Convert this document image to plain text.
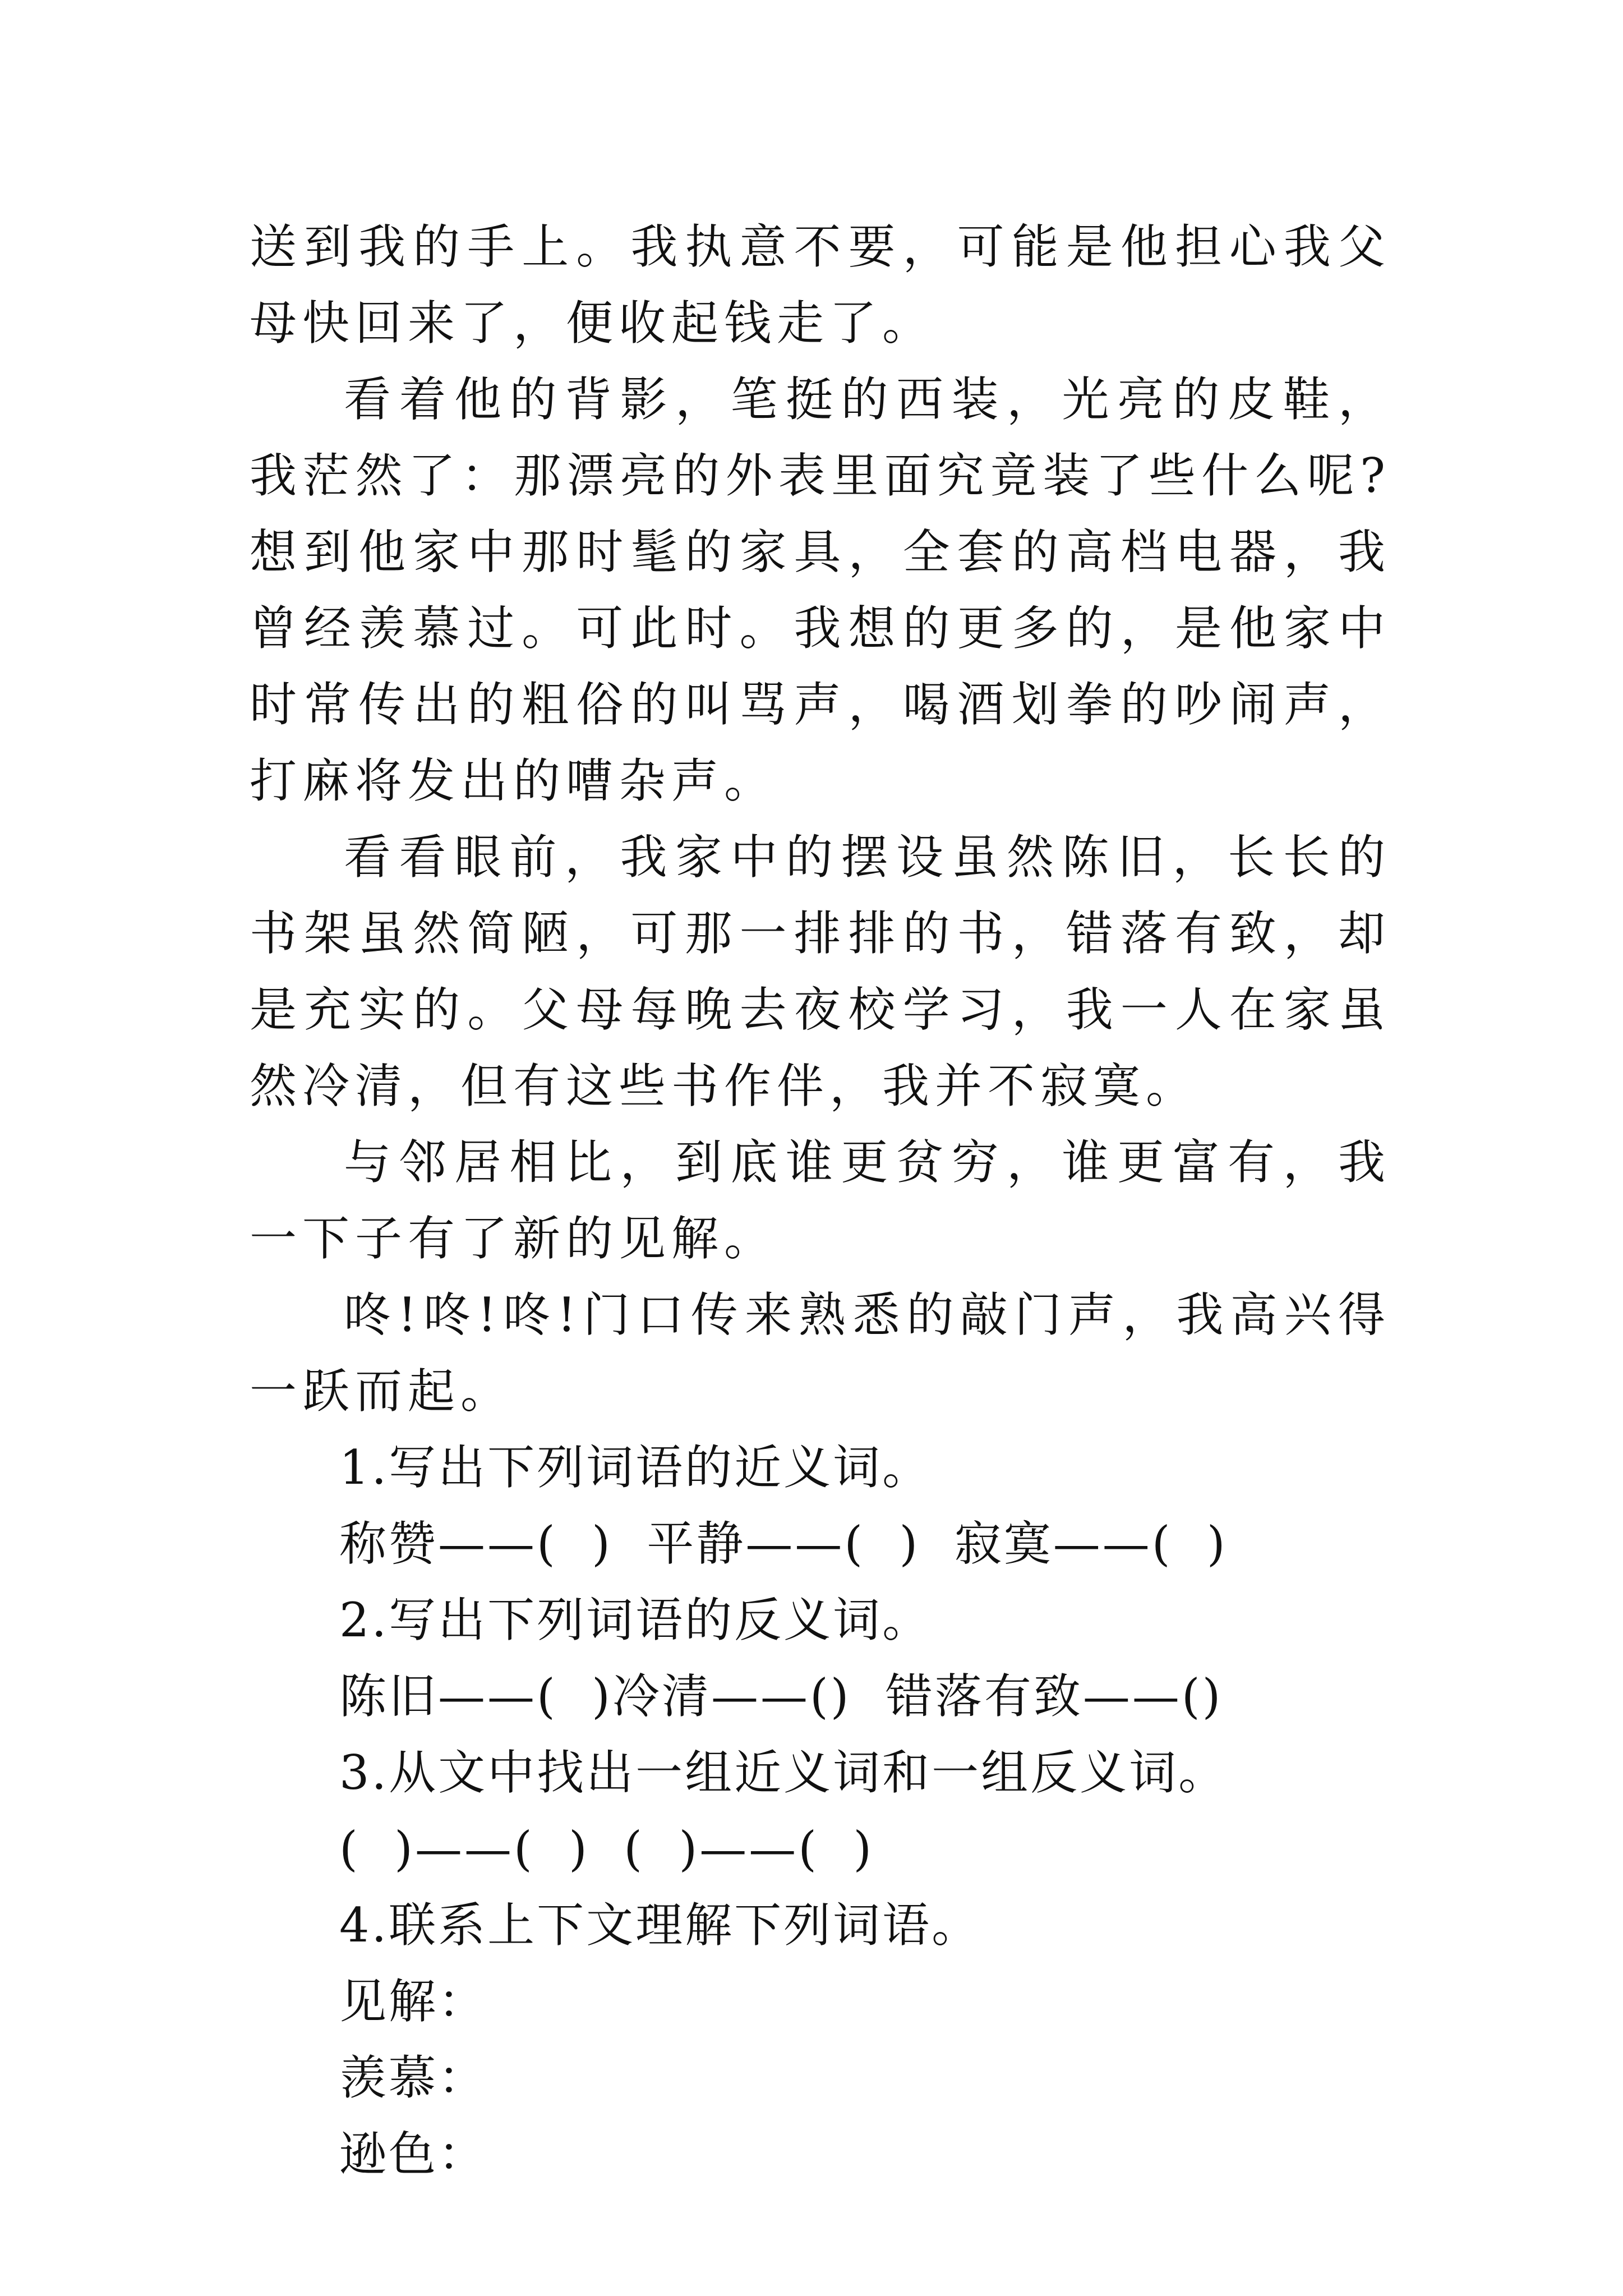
送到我的手上。我执意不要，可能是他担心我父母快回来了，便收起钱走了。

看着他的背影，笔挺的西装，光亮的皮鞋，我茫然了：那漂亮的外表里面究竟装了些什么呢?想到他家中那时髦的家具，全套的高档电器，我曾经羡慕过。可此时。我想的更多的，是他家中时常传出的粗俗的叫骂声，喝酒划拳的吵闹声，打麻将发出的嘈杂声。

看看眼前，我家中的摆设虽然陈旧，长长的书架虽然简陋，可那一排排的书，错落有致，却是充实的。父母每晚去夜校学习，我一人在家虽然冷清，但有这些书作伴，我并不寂寞。

与邻居相比，到底谁更贫穷，谁更富有，我一下子有了新的见解。

咚!咚!咚!门口传来熟悉的敲门声，我高兴得一跃而起。

1.写出下列词语的近义词。

称赞——(  )  平静——(  )  寂寞——(  )

2.写出下列词语的反义词。

陈旧——(  )冷清——()  错落有致——()

3.从文中找出一组近义词和一组反义词。

(  )——(  )  (  )——(  )

4.联系上下文理解下列词语。

见解：

羡慕：

逊色：
